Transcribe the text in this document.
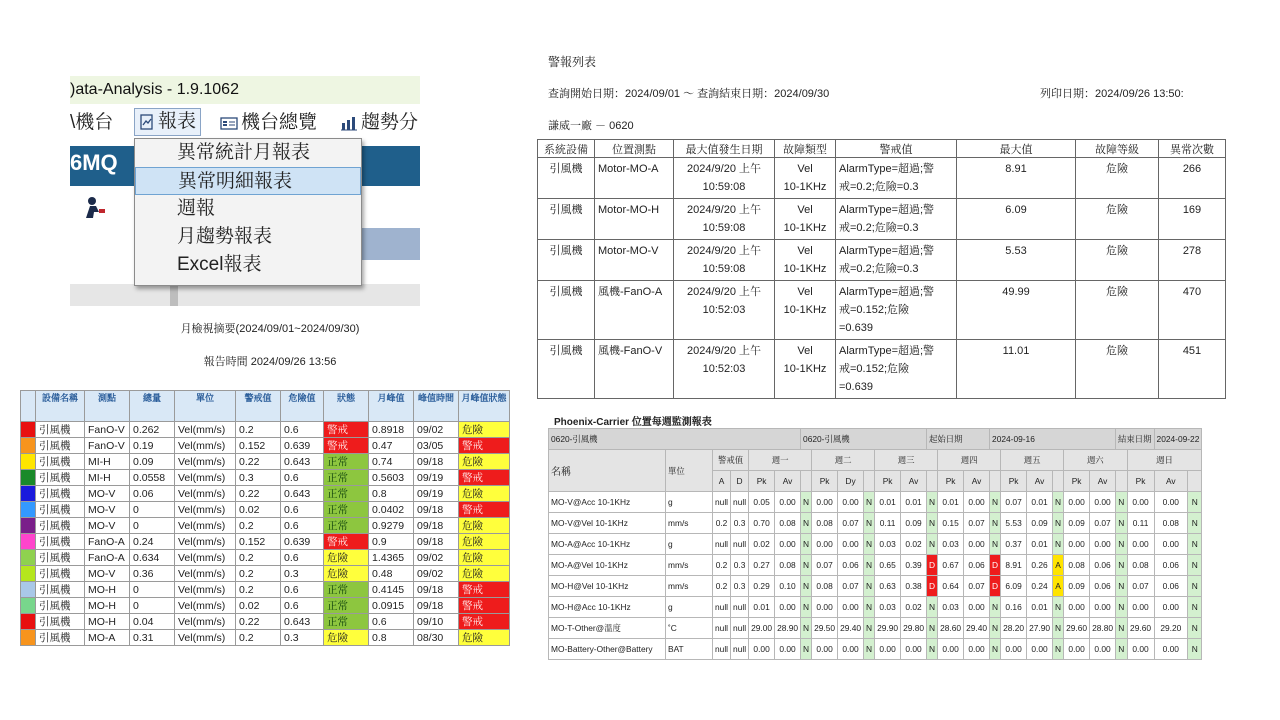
)ata-Analysis - 1.9.1062
\機台	報表	機台總覽	趨勢分
6MQ	異常統計月報表
異常明細報表
週報
月趨勢報表
Excel報表
月檢視摘要(2024/09/01~2024/09/30)
報告時間 2024/09/26 13:56
	設備名稱	測點	總量	單位	警戒值	危險值	狀態	月峰值	峰值時間	月峰值狀態
	引風機	FanO-V	0.262	Vel(mm/s)	0.2	0.6	警戒	0.8918	09/02	危險
	引風機	FanO-V	0.19	Vel(mm/s)	0.152	0.639	警戒	0.47	03/05	警戒
	引風機	MI-H	0.09	Vel(mm/s)	0.22	0.643	正常	0.74	09/18	危險
	引風機	MI-H	0.0558	Vel(mm/s)	0.3	0.6	正常	0.5603	09/19	警戒
	引風機	MO-V	0.06	Vel(mm/s)	0.22	0.643	正常	0.8	09/19	危險
	引風機	MO-V	0	Vel(mm/s)	0.02	0.6	正常	0.0402	09/18	警戒
	引風機	MO-V	0	Vel(mm/s)	0.2	0.6	正常	0.9279	09/18	危險
	引風機	FanO-A	0.24	Vel(mm/s)	0.152	0.639	警戒	0.9	09/18	危險
	引風機	FanO-A	0.634	Vel(mm/s)	0.2	0.6	危險	1.4365	09/02	危險
	引風機	MO-V	0.36	Vel(mm/s)	0.2	0.3	危險	0.48	09/02	危險
	引風機	MO-H	0	Vel(mm/s)	0.2	0.6	正常	0.4145	09/18	警戒
	引風機	MO-H	0	Vel(mm/s)	0.02	0.6	正常	0.0915	09/18	警戒
	引風機	MO-H	0.04	Vel(mm/s)	0.22	0.643	正常	0.6	09/10	警戒
	引風機	MO-A	0.31	Vel(mm/s)	0.2	0.3	危險	0.8	08/30	危險
警報列表
查詢開始日期：2024/09/01 ～ 查詢結束日期：2024/09/30	列印日期：2024/09/26 13:50:
謙威一廠 － 0620
系統設備	位置測點	最大值發生日期	故障類型	警戒值	最大值	故障等級	異常次數
引風機	Motor-MO-A	2024/9/20 上午
10:59:08	Vel
10-1KHz	AlarmType=超過;警
戒=0.2;危險=0.3	8.91	危險	266
引風機	Motor-MO-H	2024/9/20 上午
10:59:08	Vel
10-1KHz	AlarmType=超過;警
戒=0.2;危險=0.3	6.09	危險	169
引風機	Motor-MO-V	2024/9/20 上午
10:59:08	Vel
10-1KHz	AlarmType=超過;警
戒=0.2;危險=0.3	5.53	危險	278
引風機	風機-FanO-A	2024/9/20 上午
10:52:03	Vel
10-1KHz	AlarmType=超過;警
戒=0.152;危險
=0.639	49.99	危險	470
引風機	風機-FanO-V	2024/9/20 上午
10:52:03	Vel
10-1KHz	AlarmType=超過;警
戒=0.152;危險
=0.639	11.01	危險	451
Phoenix-Carrier 位置每週監測報表
0620-引風機						0620-引風機						起始日期			2024-09-16						結束日期		2024-09-22	
名稱	單位	警戒值		週一			週二			週三			週四			週五			週六			週日		
		A	D	Pk	Av		Pk	Dy		Pk	Av		Pk	Av		Pk	Av		Pk	Av		Pk	Av	
MO-V@Acc 10-1KHz	g	null	null	0.05	0.00	N	0.00	0.00	N	0.01	0.01	N	0.01	0.00	N	0.07	0.01	N	0.00	0.00	N	0.00	0.00	N
MO-V@Vel 10-1KHz	mm/s	0.2	0.3	0.70	0.08	N	0.08	0.07	N	0.11	0.09	N	0.15	0.07	N	5.53	0.09	N	0.09	0.07	N	0.11	0.08	N
MO-A@Acc 10-1KHz	g	null	null	0.02	0.00	N	0.00	0.00	N	0.03	0.02	N	0.03	0.00	N	0.37	0.01	N	0.00	0.00	N	0.00	0.00	N
MO-A@Vel 10-1KHz	mm/s	0.2	0.3	0.27	0.08	N	0.07	0.06	N	0.65	0.39	D	0.67	0.06	D	8.91	0.26	A	0.08	0.06	N	0.08	0.06	N
MO-H@Vel 10-1KHz	mm/s	0.2	0.3	0.29	0.10	N	0.08	0.07	N	0.63	0.38	D	0.64	0.07	D	6.09	0.24	A	0.09	0.06	N	0.07	0.06	N
MO-H@Acc 10-1KHz	g	null	null	0.01	0.00	N	0.00	0.00	N	0.03	0.02	N	0.03	0.00	N	0.16	0.01	N	0.00	0.00	N	0.00	0.00	N
MO-T-Other@溫度	˚C	null	null	29.00	28.90	N	29.50	29.40	N	29.90	29.80	N	28.60	29.40	N	28.20	27.90	N	29.60	28.80	N	29.60	29.20	N
MO-Battery-Other@Battery	BAT	null	null	0.00	0.00	N	0.00	0.00	N	0.00	0.00	N	0.00	0.00	N	0.00	0.00	N	0.00	0.00	N	0.00	0.00	N
